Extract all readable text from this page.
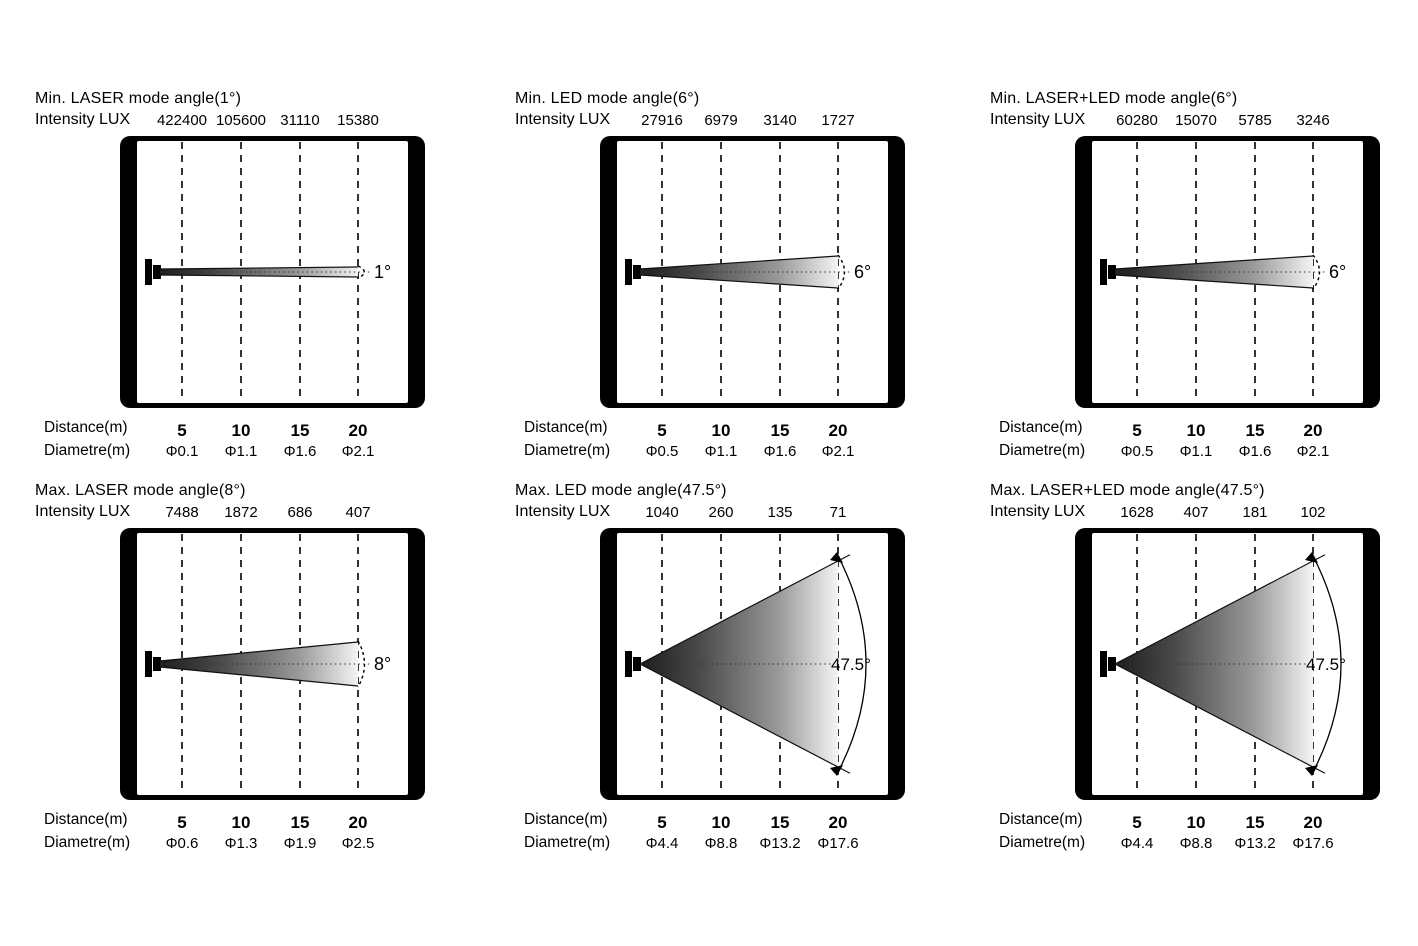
Min. LASER mode angle(1°)
Intensity LUX	422400 105600 31110	15380
1°
Distance(m)	5	10	15	20
Diametre(m)	Φ0.1	Φ1.1	Φ1.6	Φ2.1
Min. LED mode angle(6°)
Intensity LUX	27916	6979	3140	1727
6°
Distance(m)	5	10	15	20
Diametre(m)	Φ0.5	Φ1.1	Φ1.6	Φ2.1
Min. LASER+LED mode angle(6°)
Intensity LUX	60280	15070	5785	3246
6°
Distance(m)	5	10	15	20
Diametre(m)	Φ0.5	Φ1.1	Φ1.6	Φ2.1
Max. LASER mode angle(8°)
Intensity LUX	7488	1872	686	407
8°
Distance(m)	5	10	15	20
Diametre(m)	Φ0.6	Φ1.3	Φ1.9	Φ2.5
Max. LED mode angle(47.5°)
Intensity LUX	1040	260	135	71
47.5°
Distance(m)	5	10	15	20
Diametre(m)	Φ4.4	Φ8.8	Φ13.2	Φ17.6
Max. LASER+LED mode angle(47.5°)
Intensity LUX	1628	407	181	102
47.5°
Distance(m)	5	10	15	20
Diametre(m)	Φ4.4	Φ8.8	Φ13.2	Φ17.6
